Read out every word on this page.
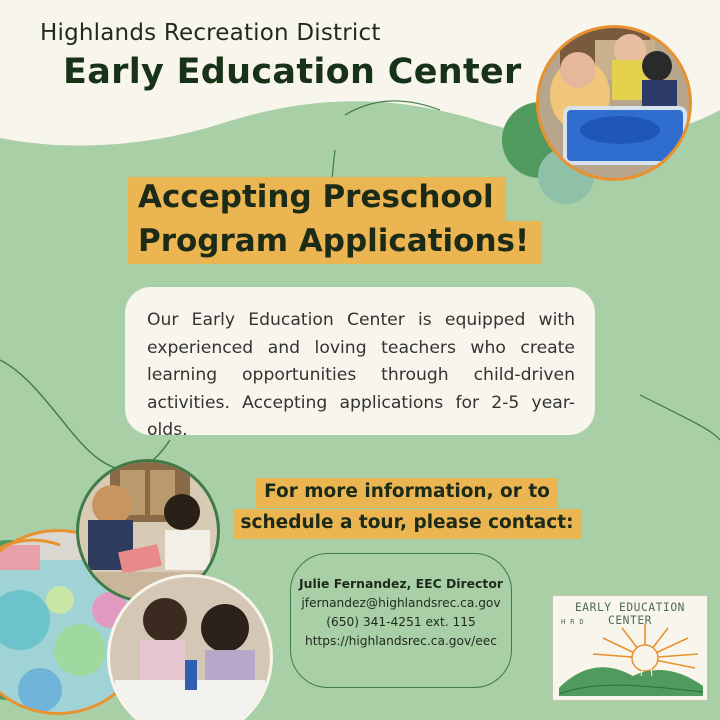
Highlands Recreation District
Early Education Center
Accepting Preschool
Program Applications!
Our Early Education Center is equipped with experienced and loving teachers who create learning opportunities through child-driven activities. Accepting applications for 2-5 year-olds.
For more information, or to
schedule a tour, please contact:
Julie Fernandez, EEC Director
jfernandez@highlandsrec.ca.gov
(650) 341-4251 ext. 115
https://highlandsrec.ca.gov/eec
EARLY EDUCATION CENTER
HRD
